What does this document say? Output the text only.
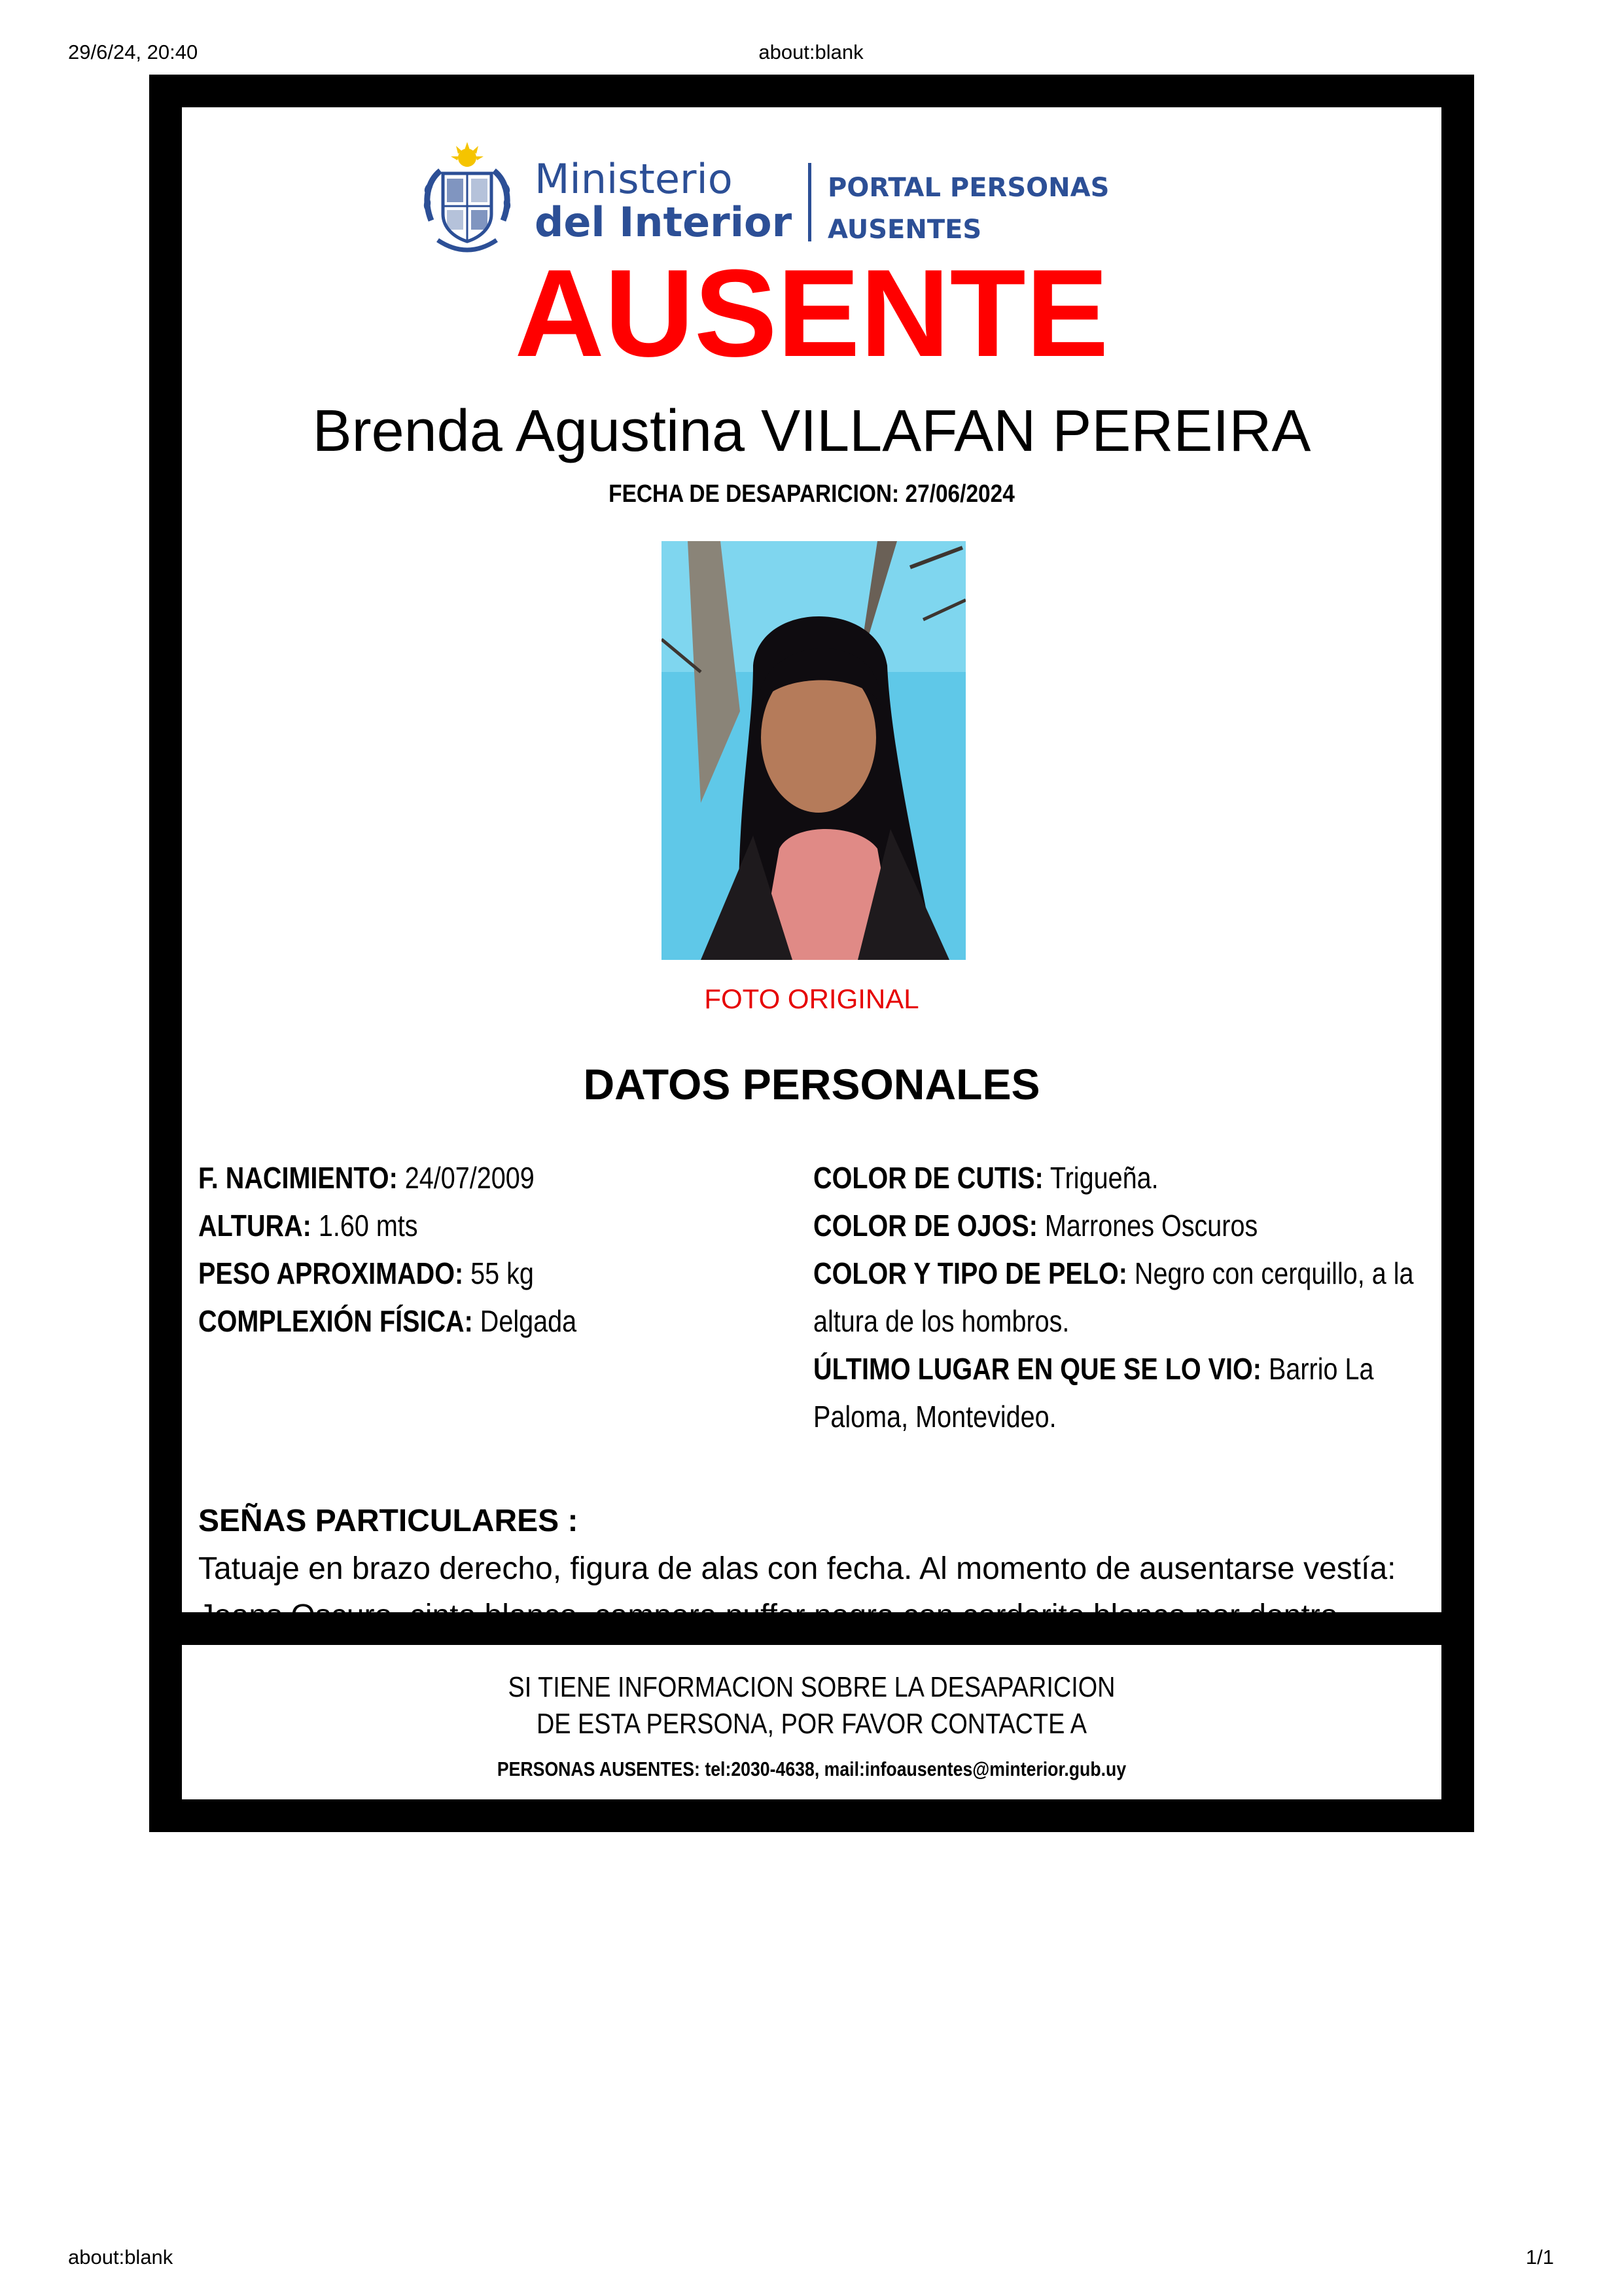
about:blank
29/6/24, 20:40
Ministerio
del Interior
PORTAL PERSONAS
AUSENTES
AUSENTE
Brenda Agustina VILLAFAN PEREIRA
FECHA DE DESAPARICION: 27/06/2024
FOTO ORIGINAL
DATOS PERSONALES
F. NACIMIENTO: 24/07/2009
ALTURA: 1.60 mts
PESO APROXIMADO: 55 kg
COMPLEXIÓN FÍSICA: Delgada
COLOR DE CUTIS: Trigueña.
COLOR DE OJOS: Marrones Oscuros
COLOR Y TIPO DE PELO: Negro con cerquillo, a la altura de los hombros.
ÚLTIMO LUGAR EN QUE SE LO VIO: Barrio La Paloma, Montevideo.
SEÑAS PARTICULARES :
Tatuaje en brazo derecho, figura de alas con fecha. Al momento de ausentarse vestía: Jeans Oscuro, cinto blanco, campera puffer negra con corderito blanco por dentro,
SI TIENE INFORMACION SOBRE LA DESAPARICION
DE ESTA PERSONA, POR FAVOR CONTACTE A
PERSONAS AUSENTES: tel:2030-4638, mail:infoausentes@minterior.gub.uy
about:blank	1/1
